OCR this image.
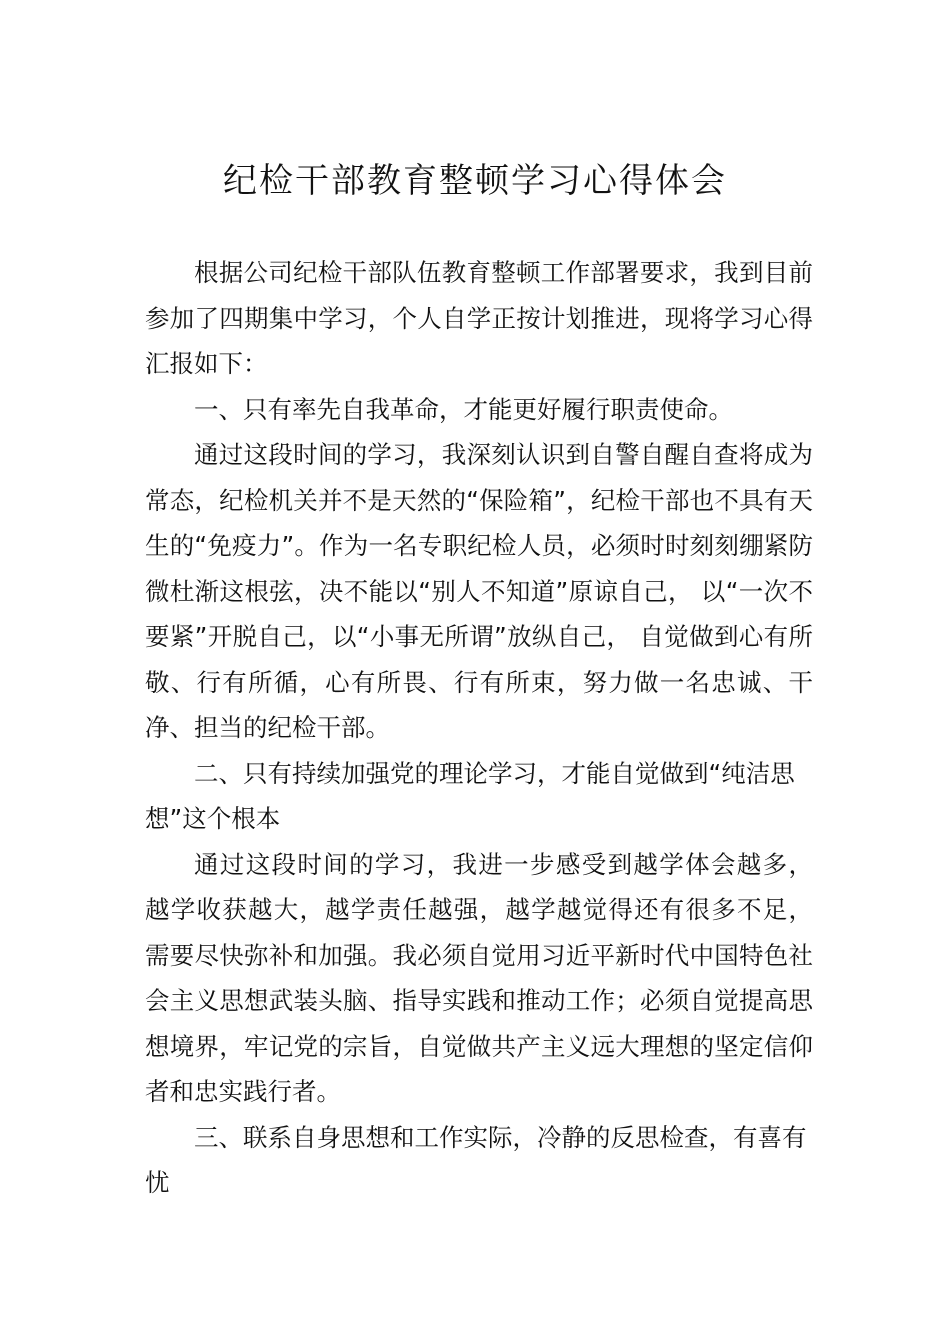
纪检干部教育整顿学习心得体会

根据公司纪检干部队伍教育整顿工作部署要求，我到目前参加了四期集中学习，个人自学正按计划推进，现将学习心得汇报如下：

一、只有率先自我革命，才能更好履行职责使命。

通过这段时间的学习，我深刻认识到自警自醒自查将成为常态，纪检机关并不是天然的“保险箱”，纪检干部也不具有天生的“免疫力”。作为一名专职纪检人员，必须时时刻刻绷紧防微杜渐这根弦，决不能以“别人不知道”原谅自己， 以“一次不要紧”开脱自己，以“小事无所谓”放纵自己， 自觉做到心有所敬、行有所循，心有所畏、行有所束，努力做一名忠诚、干净、担当的纪检干部。

二、只有持续加强党的理论学习，才能自觉做到“纯洁思想”这个根本

通过这段时间的学习，我进一步感受到越学体会越多， 越学收获越大，越学责任越强，越学越觉得还有很多不足， 需要尽快弥补和加强。我必须自觉用习近平新时代中国特色社会主义思想武装头脑、指导实践和推动工作；必须自觉提高思想境界，牢记党的宗旨，自觉做共产主义远大理想的坚定信仰者和忠实践行者。

三、联系自身思想和工作实际，冷静的反思检查，有喜有忧
